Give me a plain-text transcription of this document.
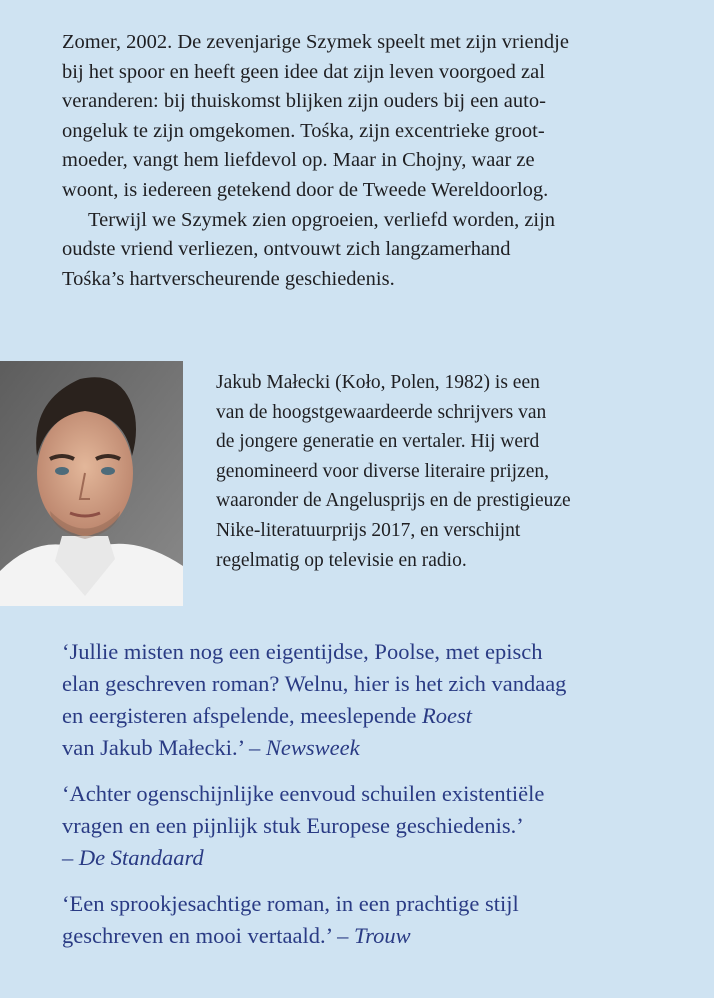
Zomer, 2002. De zevenjarige Szymek speelt met zijn vriendje
bij het spoor en heeft geen idee dat zijn leven voorgoed zal
veranderen: bij thuiskomst blijken zijn ouders bij een auto-
ongeluk te zijn omgekomen. Tośka, zijn excentrieke groot-
moeder, vangt hem liefdevol op. Maar in Chojny, waar ze
woont, is iedereen getekend door de Tweede Wereldoorlog.

Terwijl we Szymek zien opgroeien, verliefd worden, zijn
oudste vriend verliezen, ontvouwt zich langzamerhand
Tośka’s hartverscheurende geschiedenis.

Jakub Małecki (Koło, Polen, 1982) is een
van de hoogstgewaardeerde schrijvers van
de jongere generatie en vertaler. Hij werd
genomineerd voor diverse literaire prijzen,
waaronder de Angelusprijs en de prestigieuze
Nike-literatuurprijs 2017, en verschijnt
regelmatig op televisie en radio.

‘Jullie misten nog een eigentijdse, Poolse, met episch
elan geschreven roman? Welnu, hier is het zich vandaag
en eergisteren afspelende, meeslepende Roest
van Jakub Małecki.’ – Newsweek

‘Achter ogenschijnlijke eenvoud schuilen existentiële
vragen en een pijnlijk stuk Europese geschiedenis.’
– De Standaard

‘Een sprookjesachtige roman, in een prachtige stijl
geschreven en mooi vertaald.’ – Trouw
